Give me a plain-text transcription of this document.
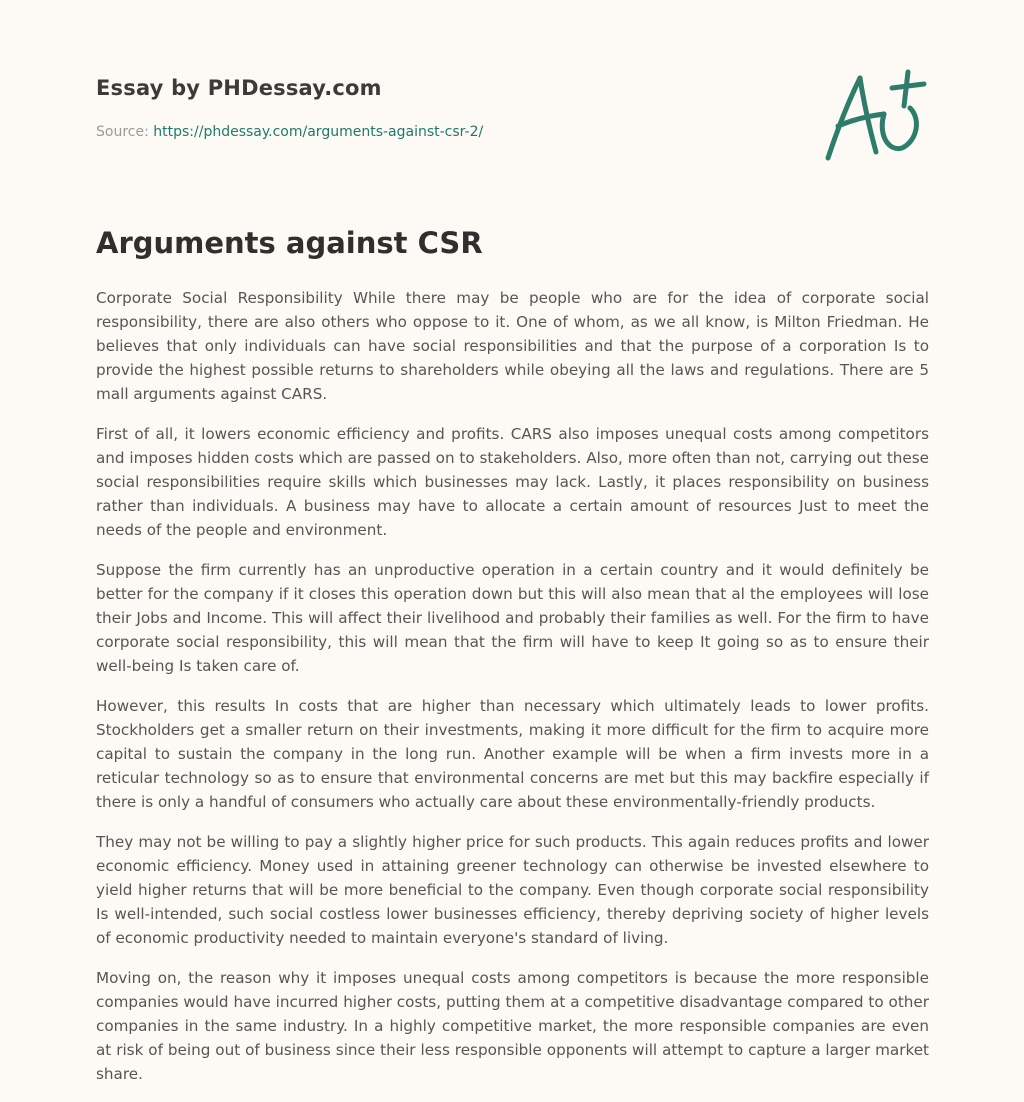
Essay by PHDessay.com
Source: https://phdessay.com/arguments-against-csr-2/
Arguments against CSR

Corporate Social Responsibility While there may be people who are for the idea of corporate social responsibility, there are also others who oppose to it. One of whom, as we all know, is Milton Friedman. He believes that only individuals can have social responsibilities and that the purpose of a corporation Is to provide the highest possible returns to shareholders while obeying all the laws and regulations. There are 5 mall arguments against CARS.

First of all, it lowers economic efficiency and profits. CARS also imposes unequal costs among competitors and imposes hidden costs which are passed on to stakeholders. Also, more often than not, carrying out these social responsibilities require skills which businesses may lack. Lastly, it places responsibility on business rather than individuals. A business may have to allocate a certain amount of resources Just to meet the needs of the people and environment.

Suppose the firm currently has an unproductive operation in a certain country and it would definitely be better for the company if it closes this operation down but this will also mean that al the employees will lose their Jobs and Income. This will affect their livelihood and probably their families as well. For the firm to have corporate social responsibility, this will mean that the firm will have to keep It going so as to ensure their well-being Is taken care of.

However, this results In costs that are higher than necessary which ultimately leads to lower profits. Stockholders get a smaller return on their investments, making it more difficult for the firm to acquire more capital to sustain the company in the long run. Another example will be when a firm invests more in a reticular technology so as to ensure that environmental concerns are met but this may backfire especially if there is only a handful of consumers who actually care about these environmentally-friendly products.

They may not be willing to pay a slightly higher price for such products. This again reduces profits and lower economic efficiency. Money used in attaining greener technology can otherwise be invested elsewhere to yield higher returns that will be more beneficial to the company. Even though corporate social responsibility Is well-intended, such social costless lower businesses efficiency, thereby depriving society of higher levels of economic productivity needed to maintain everyone's standard of living.

Moving on, the reason why it imposes unequal costs among competitors is because the more responsible companies would have incurred higher costs, putting them at a competitive disadvantage compared to other companies in the same industry. In a highly competitive market, the more responsible companies are even at risk of being out of business since their less responsible opponents will attempt to capture a larger market share.
